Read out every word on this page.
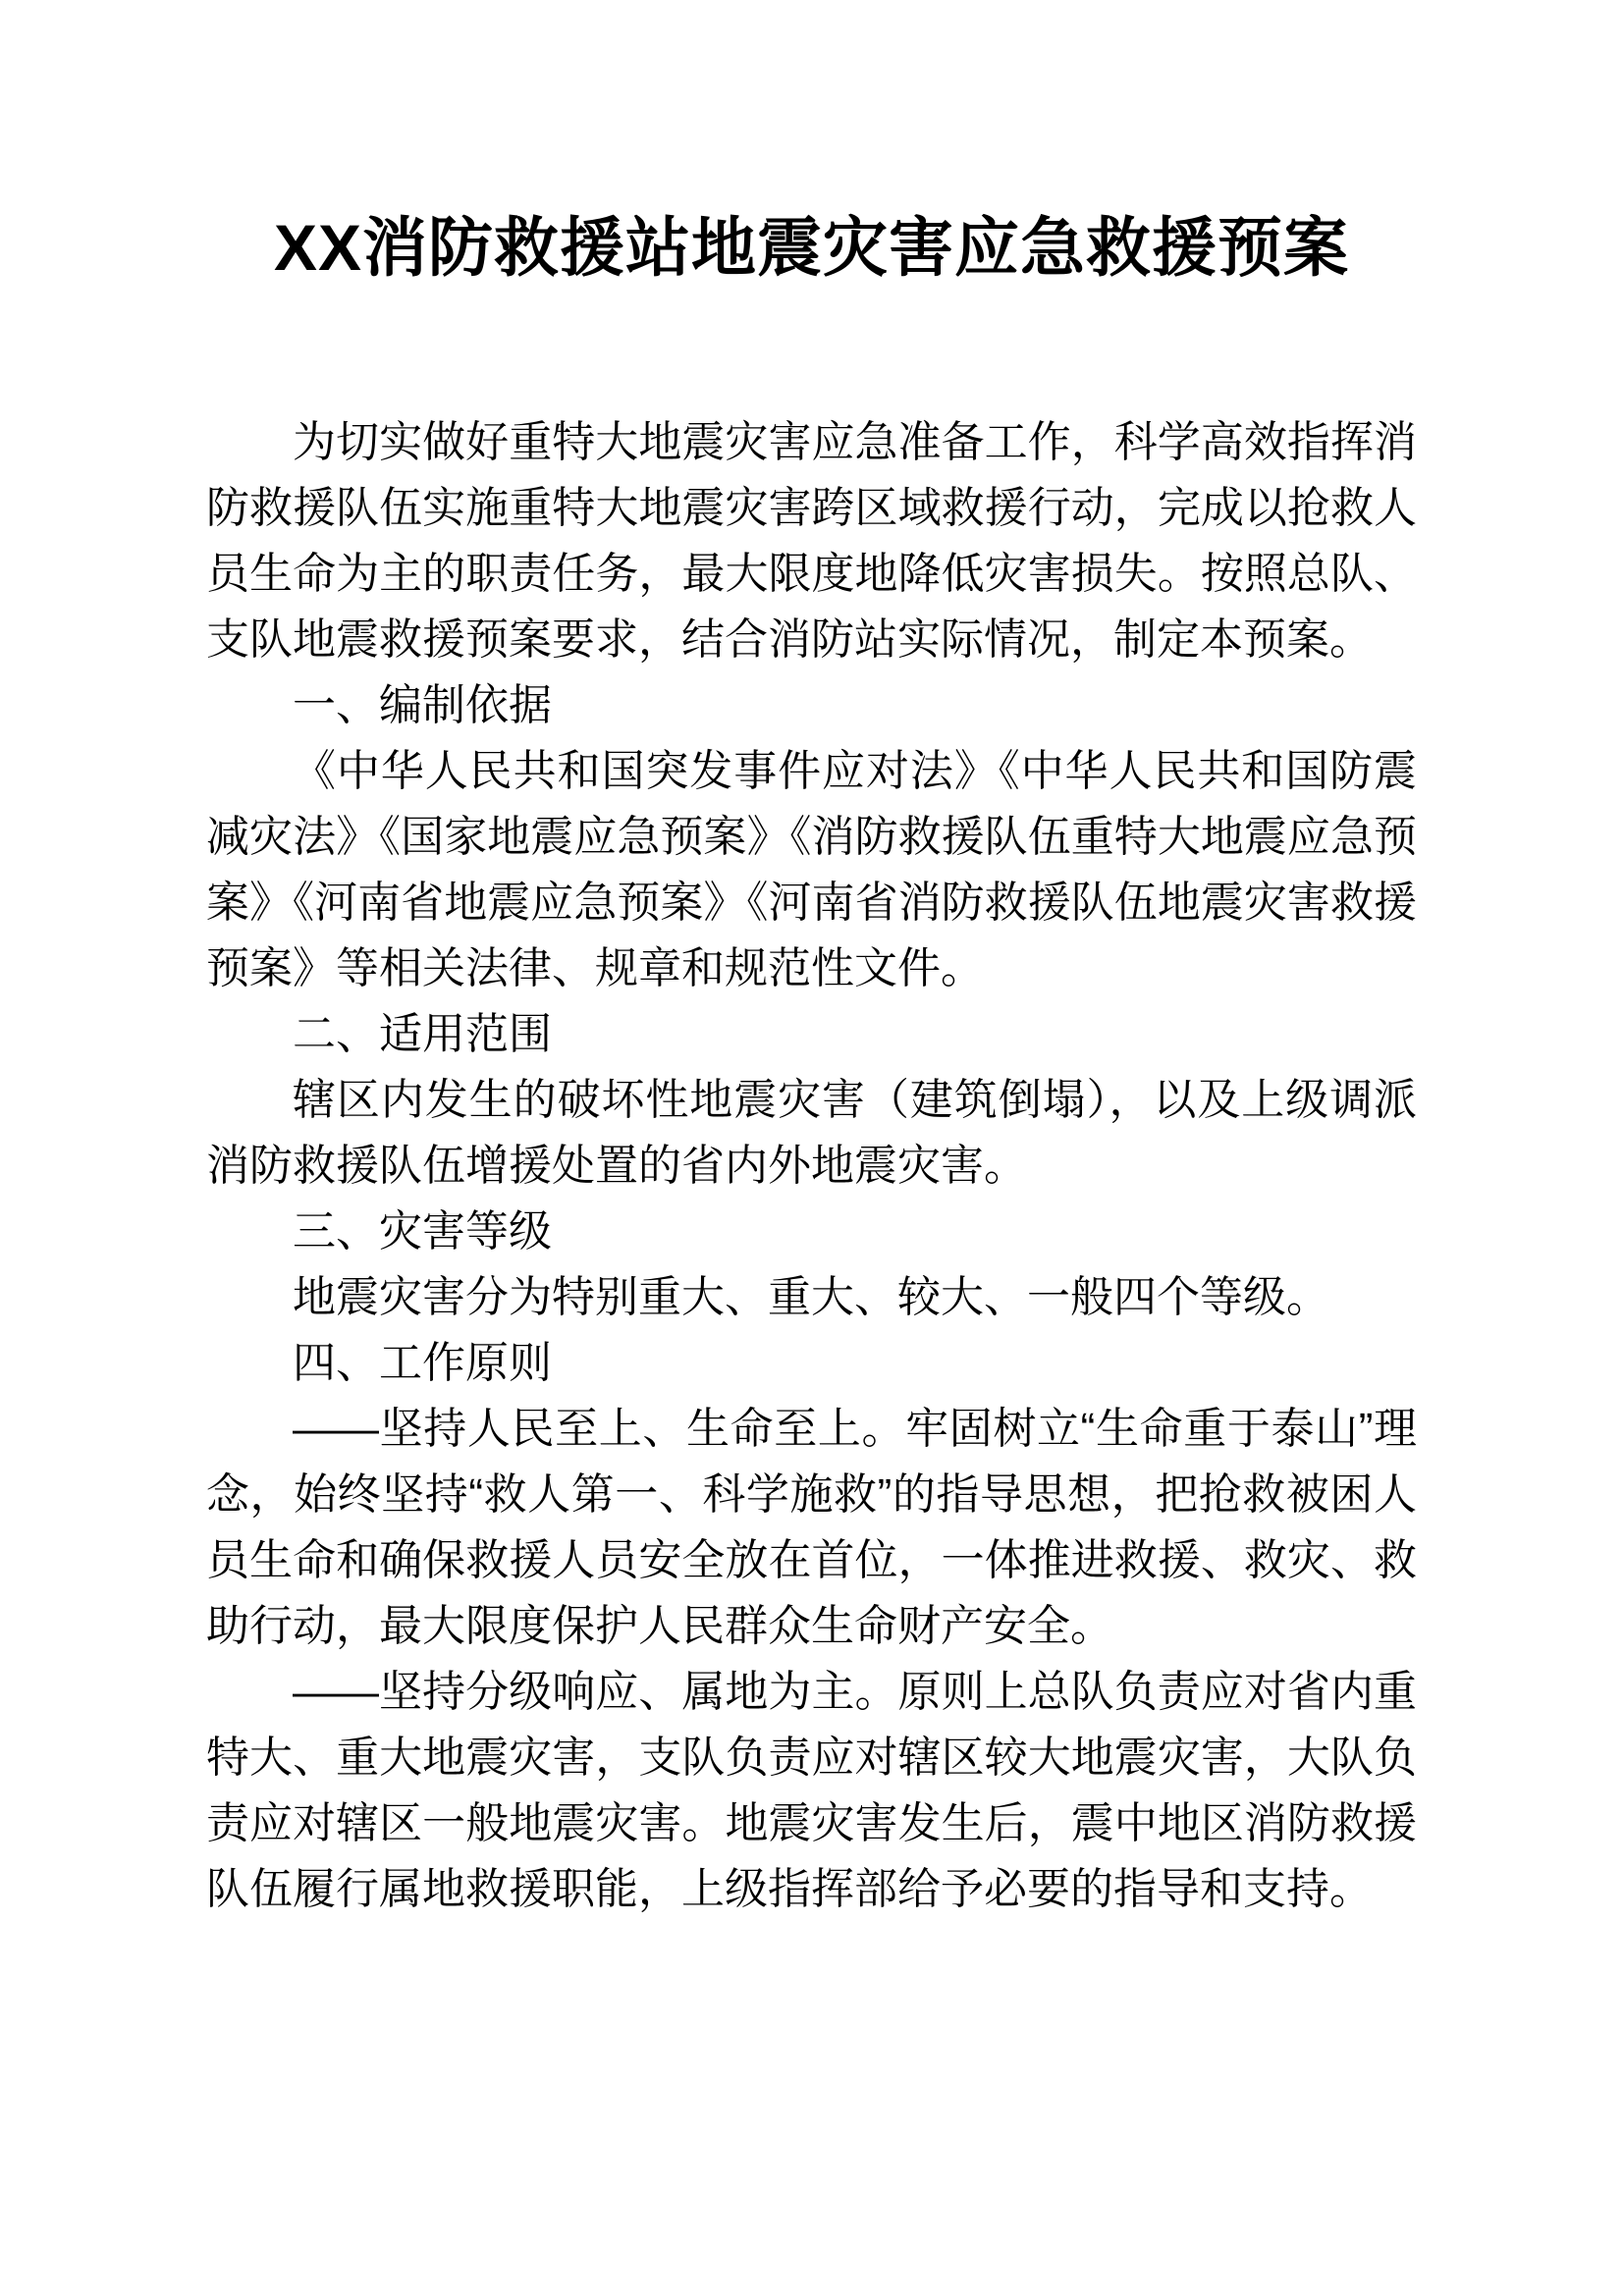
XX消防救援站地震灾害应急救援预案

为切实做好重特大地震灾害应急准备工作，科学高效指挥消防救援队伍实施重特大地震灾害跨区域救援行动，完成以抢救人员生命为主的职责任务，最大限度地降低灾害损失。按照总队、支队地震救援预案要求，结合消防站实际情况，制定本预案。

一、编制依据

《中华人民共和国突发事件应对法》《中华人民共和国防震减灾法》《国家地震应急预案》《消防救援队伍重特大地震应急预案》《河南省地震应急预案》《河南省消防救援队伍地震灾害救援预案》等相关法律、规章和规范性文件。

二、适用范围

辖区内发生的破坏性地震灾害（建筑倒塌），以及上级调派消防救援队伍增援处置的省内外地震灾害。

三、灾害等级

地震灾害分为特别重大、重大、较大、一般四个等级。

四、工作原则

——坚持人民至上、生命至上。牢固树立“生命重于泰山”理念，始终坚持“救人第一、科学施救”的指导思想，把抢救被困人员生命和确保救援人员安全放在首位，一体推进救援、救灾、救助行动，最大限度保护人民群众生命财产安全。

——坚持分级响应、属地为主。原则上总队负责应对省内重特大、重大地震灾害，支队负责应对辖区较大地震灾害，大队负责应对辖区一般地震灾害。地震灾害发生后，震中地区消防救援队伍履行属地救援职能，上级指挥部给予必要的指导和支持。
